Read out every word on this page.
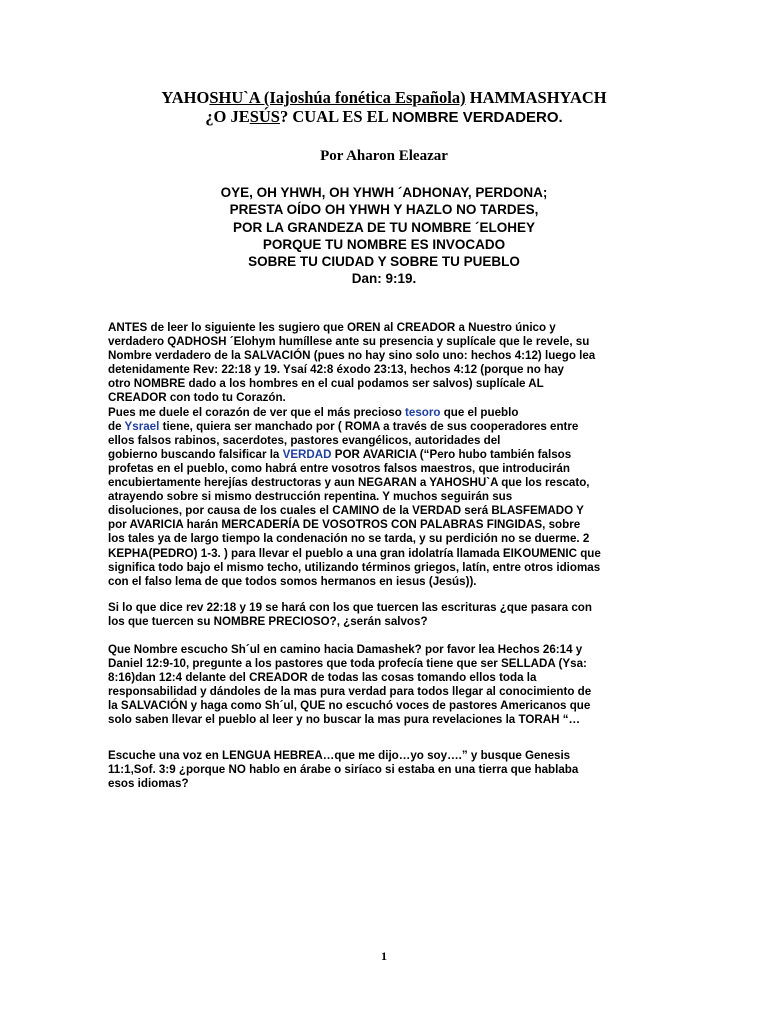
YAHOSHU`A (Iajoshúa fonética Española) HAMMASHYACH
¿O JESÚS? CUAL ES EL NOMBRE VERDADERO.
Por Aharon Eleazar
OYE, OH YHWH, OH YHWH ´ADHONAY, PERDONA;
PRESTA OÍDO OH YHWH Y HAZLO NO TARDES,
POR LA GRANDEZA DE TU NOMBRE ´ELOHEY
PORQUE TU NOMBRE ES INVOCADO
SOBRE TU CIUDAD Y SOBRE TU PUEBLO
Dan: 9:19.
ANTES de leer lo siguiente les sugiero que OREN al CREADOR a Nuestro único y
verdadero QADHOSH ´Elohym humíllese ante su presencia y suplícale que le revele, su
Nombre verdadero de la SALVACIÓN (pues no hay sino solo uno: hechos 4:12) luego lea
detenidamente Rev: 22:18 y 19. Ysaí 42:8 éxodo 23:13, hechos 4:12 (porque no hay
otro NOMBRE dado a los hombres en el cual podamos ser salvos) suplícale AL
CREADOR con todo tu Corazón.
Pues me duele el corazón de ver que el más precioso tesoro que el pueblo
de Ysrael tiene, quiera ser manchado por ( ROMA a través de sus cooperadores entre
ellos falsos rabinos, sacerdotes, pastores evangélicos, autoridades del
gobierno buscando falsificar la VERDAD POR AVARICIA (“Pero hubo también falsos
profetas en el pueblo, como habrá entre vosotros falsos maestros, que introducirán
encubiertamente herejías destructoras y aun NEGARAN a YAHOSHU`A que los rescato,
atrayendo sobre si mismo destrucción repentina. Y muchos seguirán sus
disoluciones, por causa de los cuales el CAMINO de la VERDAD será BLASFEMADO Y
por AVARICIA harán MERCADERÍA DE VOSOTROS CON PALABRAS FINGIDAS, sobre
los tales ya de largo tiempo la condenación no se tarda, y su perdición no se duerme. 2
KEPHA(PEDRO) 1-3. ) para llevar el pueblo a una gran idolatría llamada EIKOUMENIC que
significa todo bajo el mismo techo, utilizando términos griegos, latín, entre otros idiomas
con el falso lema de que todos somos hermanos en iesus (Jesús)).
Si lo que dice rev 22:18 y 19 se hará con los que tuercen las escrituras ¿que pasara con
los que tuercen su NOMBRE PRECIOSO?, ¿serán salvos?
Que Nombre escucho Sh´ul en camino hacia Damashek? por favor lea Hechos 26:14 y
Daniel 12:9-10, pregunte a los pastores que toda profecía tiene que ser SELLADA (Ysa:
8:16)dan 12:4 delante del CREADOR de todas las cosas tomando ellos toda la
responsabilidad y dándoles de la mas pura verdad para todos llegar al conocimiento de
la SALVACIÓN y haga como Sh´ul, QUE no escuchó voces de pastores Americanos que
solo saben llevar el pueblo al leer y no buscar la mas pura revelaciones la TORAH “…
Escuche una voz en LENGUA HEBREA…que me dijo…yo soy….” y busque Genesis
11:1,Sof. 3:9 ¿porque NO hablo en árabe o siríaco si estaba en una tierra que hablaba
esos idiomas?
1
